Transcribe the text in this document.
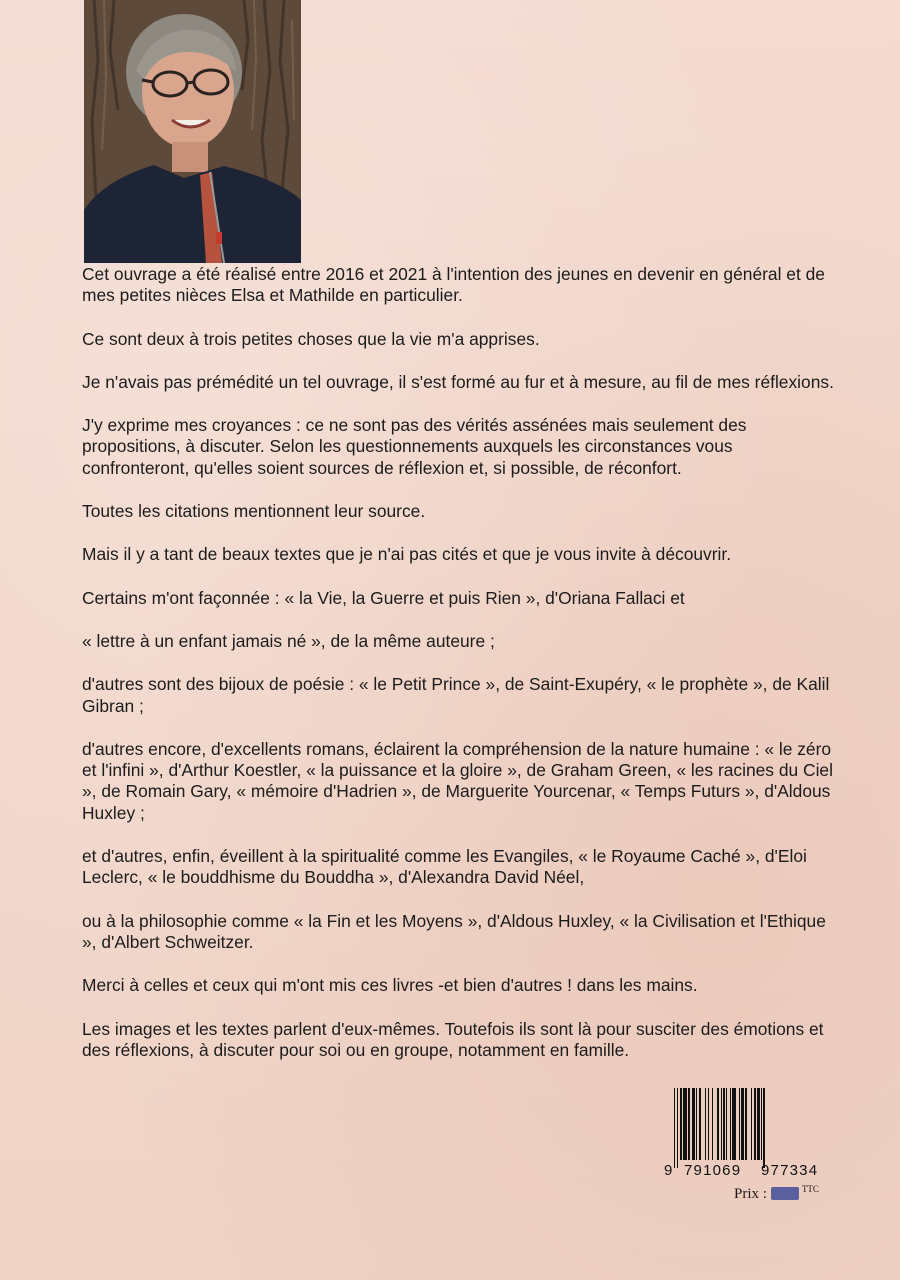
Cet ouvrage a été réalisé entre 2016 et 2021 à l'intention des jeunes en devenir en général et de mes petites nièces Elsa et Mathilde en particulier.

Ce sont deux à trois petites choses que la vie m'a apprises.

Je n'avais pas prémédité un tel ouvrage, il s'est formé au fur et à mesure, au fil de mes réflexions.

J'y exprime mes croyances : ce ne sont pas des vérités assénées mais seulement des propositions, à discuter. Selon les questionnements auxquels les circonstances vous confronteront, qu'elles soient sources de réflexion et, si possible, de réconfort.

Toutes les citations mentionnent leur source.

Mais il y a tant de beaux textes que je n'ai pas cités et que je vous invite à découvrir.

Certains m'ont façonnée : « la Vie, la Guerre et puis Rien », d'Oriana Fallaci et

« lettre à un enfant jamais né », de la même auteure ;

d'autres sont des bijoux de poésie : « le Petit Prince », de Saint-Exupéry, « le prophète », de Kalil Gibran ;

d'autres encore, d'excellents romans, éclairent la compréhension de la nature humaine : « le zéro et l'infini », d'Arthur Koestler, « la puissance et la gloire », de Graham Green, « les racines du Ciel », de Romain Gary, « mémoire d'Hadrien », de Marguerite Yourcenar, « Temps Futurs », d'Aldous Huxley ;

et d'autres, enfin, éveillent à la spiritualité comme les Evangiles, « le Royaume Caché », d'Eloi Leclerc, « le bouddhisme du Bouddha », d'Alexandra David Néel,

ou à la philosophie comme « la Fin et les Moyens », d'Aldous Huxley, « la Civilisation et l'Ethique », d'Albert Schweitzer.

Merci à celles et ceux qui m'ont mis ces livres -et bien d'autres ! dans les mains.

Les images et les textes parlent d'eux-mêmes. Toutefois ils sont là pour susciter des émotions et des réflexions, à discuter pour soi ou en groupe, notamment en famille.

9 791069 977334
Prix :	$^{TTC}$
